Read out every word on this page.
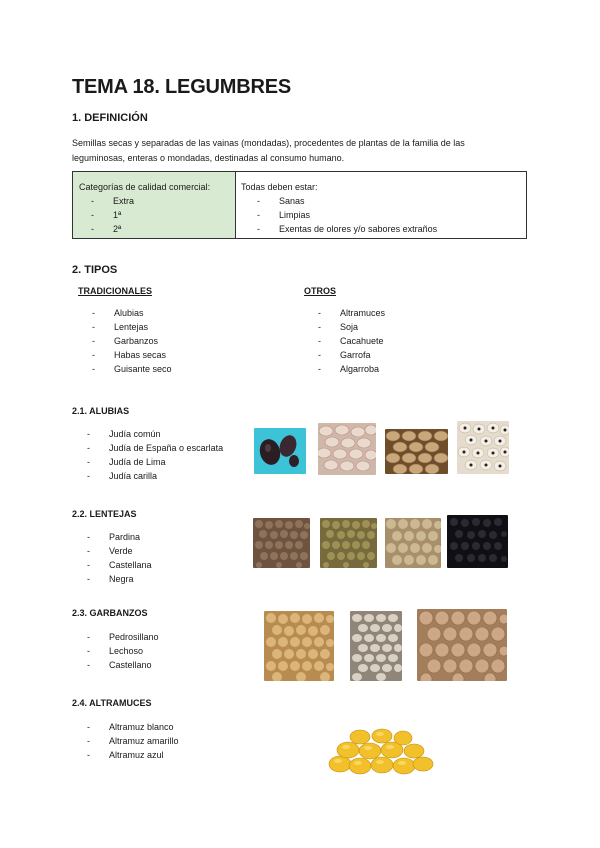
TEMA 18. LEGUMBRES
1. DEFINICIÓN
Semillas secas y separadas de las vainas (mondadas), procedentes de plantas de la familia de las
leguminosas, enteras o mondadas, destinadas al consumo humano.
Categorías de calidad comercial:
- Extra
- 1ª
- 2ª
Todas deben estar:
- Sanas
- Limpias
- Exentas de olores y/o sabores extraños
2. TIPOS
TRADICIONALES	OTROS
- Alubias
- Lentejas
- Garbanzos
- Habas secas
- Guisante seco
- Altramuces
- Soja
- Cacahuete
- Garrofa
- Algarroba
2.1. ALUBIAS
- Judía común
- Judía de España o escarlata
- Judía de Lima
- Judía carilla
2.2. LENTEJAS
- Pardina
- Verde
- Castellana
- Negra
2.3. GARBANZOS
- Pedrosillano
- Lechoso
- Castellano
2.4. ALTRAMUCES
- Altramuz blanco
- Altramuz amarillo
- Altramuz azul
